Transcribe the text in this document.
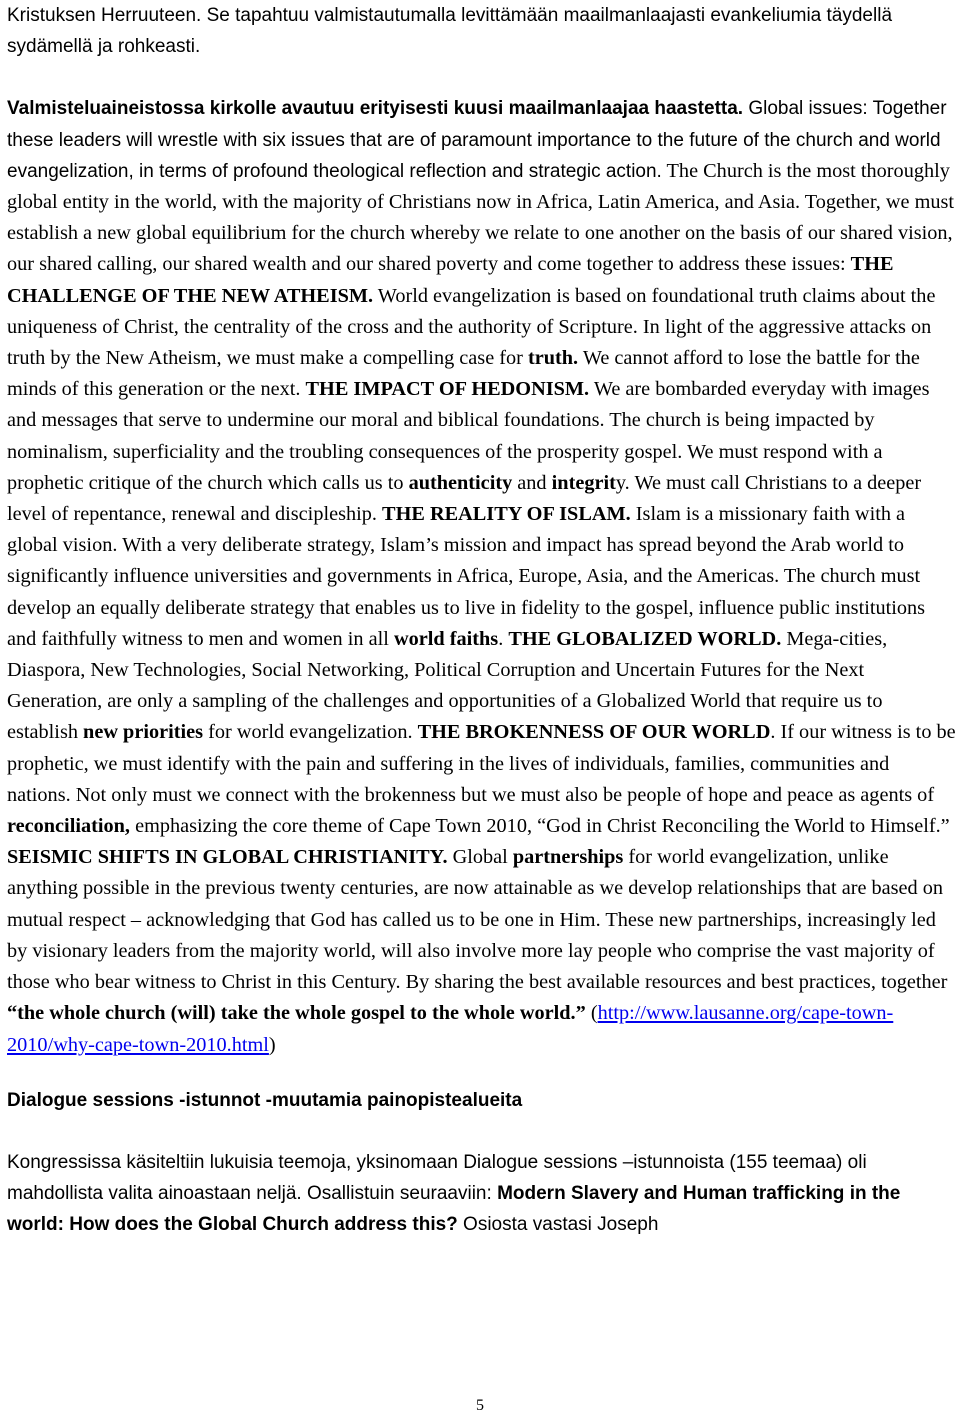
Kristuksen Herruuteen. Se tapahtuu valmistautumalla levittämään maailmanlaajasti evankeliumia täydellä sydämellä ja rohkeasti.

Valmisteluaineistossa kirkolle avautuu erityisesti kuusi maailmanlaajaa haastetta. Global issues: Together these leaders will wrestle with six issues that are of paramount importance to the future of the church and world evangelization, in terms of profound theological reflection and strategic action. The Church is the most thoroughly global entity in the world, with the majority of Christians now in Africa, Latin America, and Asia. Together, we must establish a new global equilibrium for the church whereby we relate to one another on the basis of our shared vision, our shared calling, our shared wealth and our shared poverty and come together to address these issues: THE CHALLENGE OF THE NEW ATHEISM. World evangelization is based on foundational truth claims about the uniqueness of Christ, the centrality of the cross and the authority of Scripture. In light of the aggressive attacks on truth by the New Atheism, we must make a compelling case for truth. We cannot afford to lose the battle for the minds of this generation or the next. THE IMPACT OF HEDONISM. We are bombarded everyday with images and messages that serve to undermine our moral and biblical foundations. The church is being impacted by nominalism, superficiality and the troubling consequences of the prosperity gospel. We must respond with a prophetic critique of the church which calls us to authenticity and integrity. We must call Christians to a deeper level of repentance, renewal and discipleship. THE REALITY OF ISLAM. Islam is a missionary faith with a global vision. With a very deliberate strategy, Islam’s mission and impact has spread beyond the Arab world to significantly influence universities and governments in Africa, Europe, Asia, and the Americas. The church must develop an equally deliberate strategy that enables us to live in fidelity to the gospel, influence public institutions and faithfully witness to men and women in all world faiths. THE GLOBALIZED WORLD. Mega-cities, Diaspora, New Technologies, Social Networking, Political Corruption and Uncertain Futures for the Next Generation, are only a sampling of the challenges and opportunities of a Globalized World that require us to establish new priorities for world evangelization. THE BROKENNESS OF OUR WORLD. If our witness is to be prophetic, we must identify with the pain and suffering in the lives of individuals, families, communities and nations. Not only must we connect with the brokenness but we must also be people of hope and peace as agents of reconciliation, emphasizing the core theme of Cape Town 2010, “God in Christ Reconciling the World to Himself.” SEISMIC SHIFTS IN GLOBAL CHRISTIANITY. Global partnerships for world evangelization, unlike anything possible in the previous twenty centuries, are now attainable as we develop relationships that are based on mutual respect – acknowledging that God has called us to be one in Him. These new partnerships, increasingly led by visionary leaders from the majority world, will also involve more lay people who comprise the vast majority of those who bear witness to Christ in this Century. By sharing the best available resources and best practices, together “the whole church (will) take the whole gospel to the whole world.” (http://www.lausanne.org/cape-town-2010/why-cape-town-2010.html)

Dialogue sessions -istunnot -muutamia painopistealueita

Kongressissa käsiteltiin lukuisia teemoja, yksinomaan Dialogue sessions –istunnoista (155 teemaa) oli mahdollista valita ainoastaan neljä. Osallistuin seuraaviin: Modern Slavery and Human trafficking in the world: How does the Global Church address this? Osiosta vastasi Joseph

5
